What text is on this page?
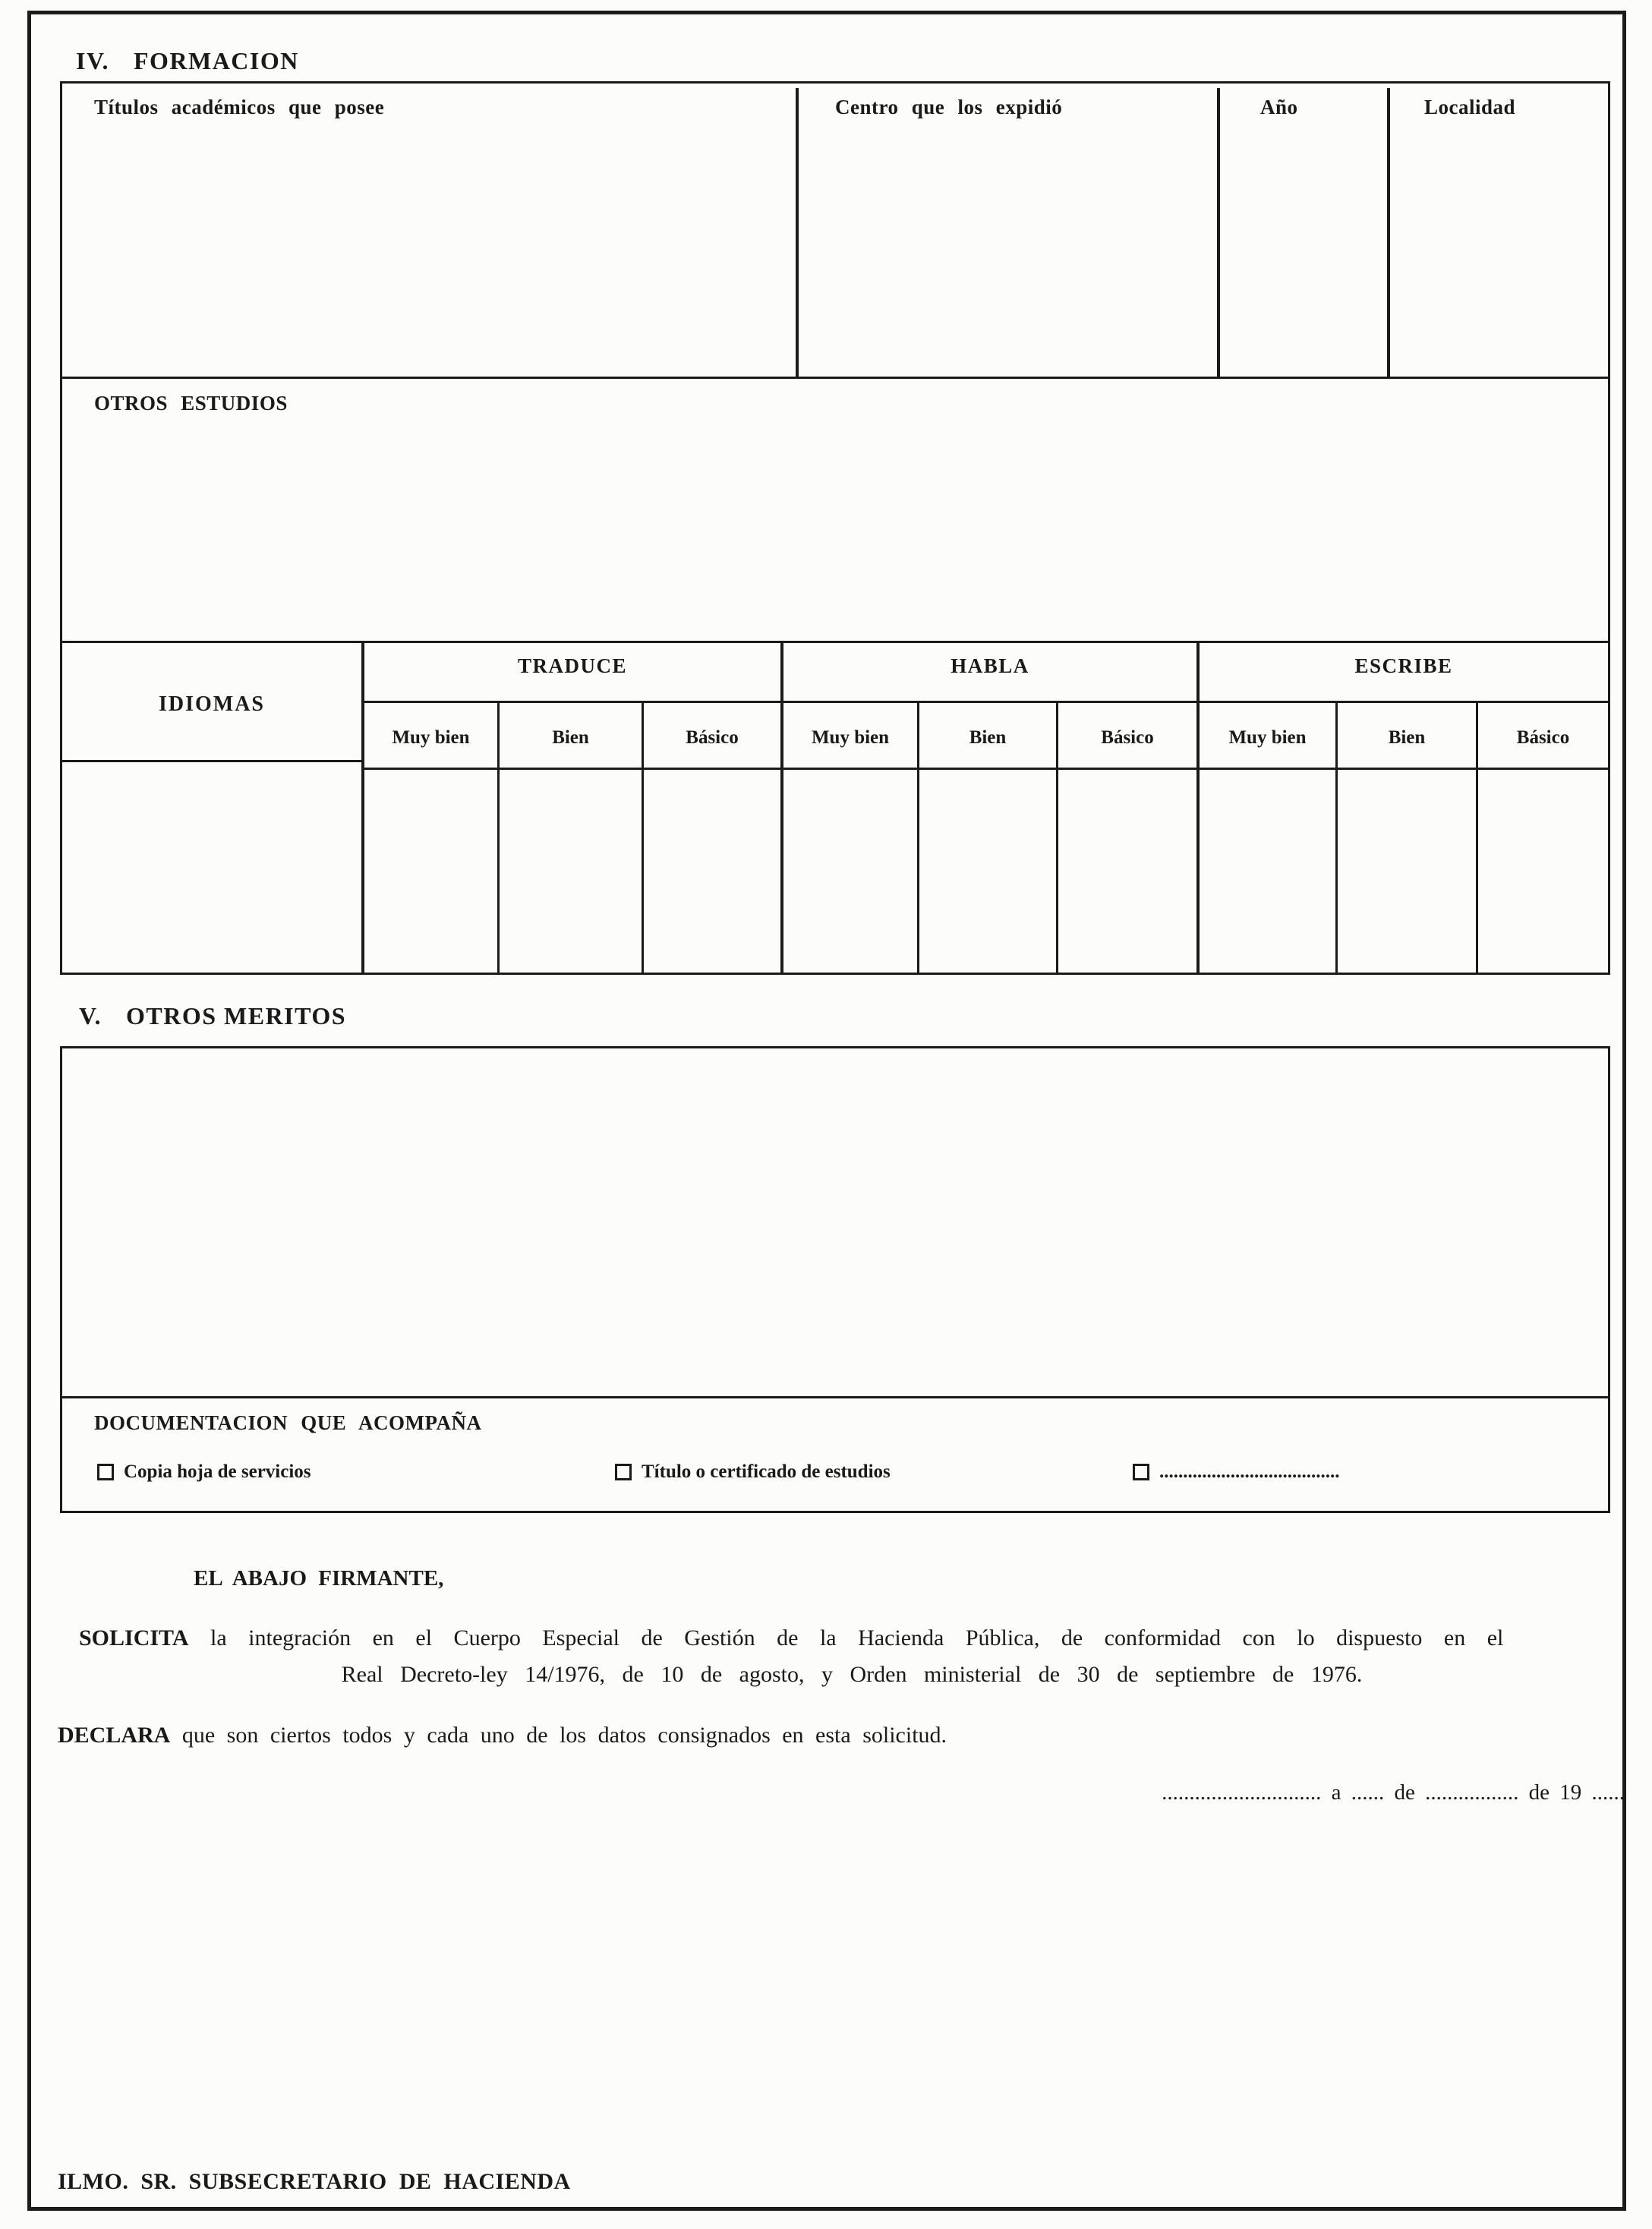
IV. FORMACION
Títulos académicos que posee	Centro que los expidió	Año	Localidad
OTROS ESTUDIOS
IDIOMAS
TRADUCE	HABLA	ESCRIBE
Muy bien	Bien	Básico	Muy bien	Bien	Básico	Muy bien	Bien	Básico
V. OTROS MERITOS
DOCUMENTACION QUE ACOMPAÑA
Copia hoja de servicios	Título o certificado de estudios	......................................
EL ABAJO FIRMANTE,
SOLICITA la integración en el Cuerpo Especial de Gestión de la Hacienda Pública, de conformidad con lo dispuesto en el
Real Decreto-ley 14/1976, de 10 de agosto, y Orden ministerial de 30 de septiembre de 1976.
DECLARA que son ciertos todos y cada uno de los datos consignados en esta solicitud.
............................. a ...... de ................. de 19 ......
ILMO. SR. SUBSECRETARIO DE HACIENDA
